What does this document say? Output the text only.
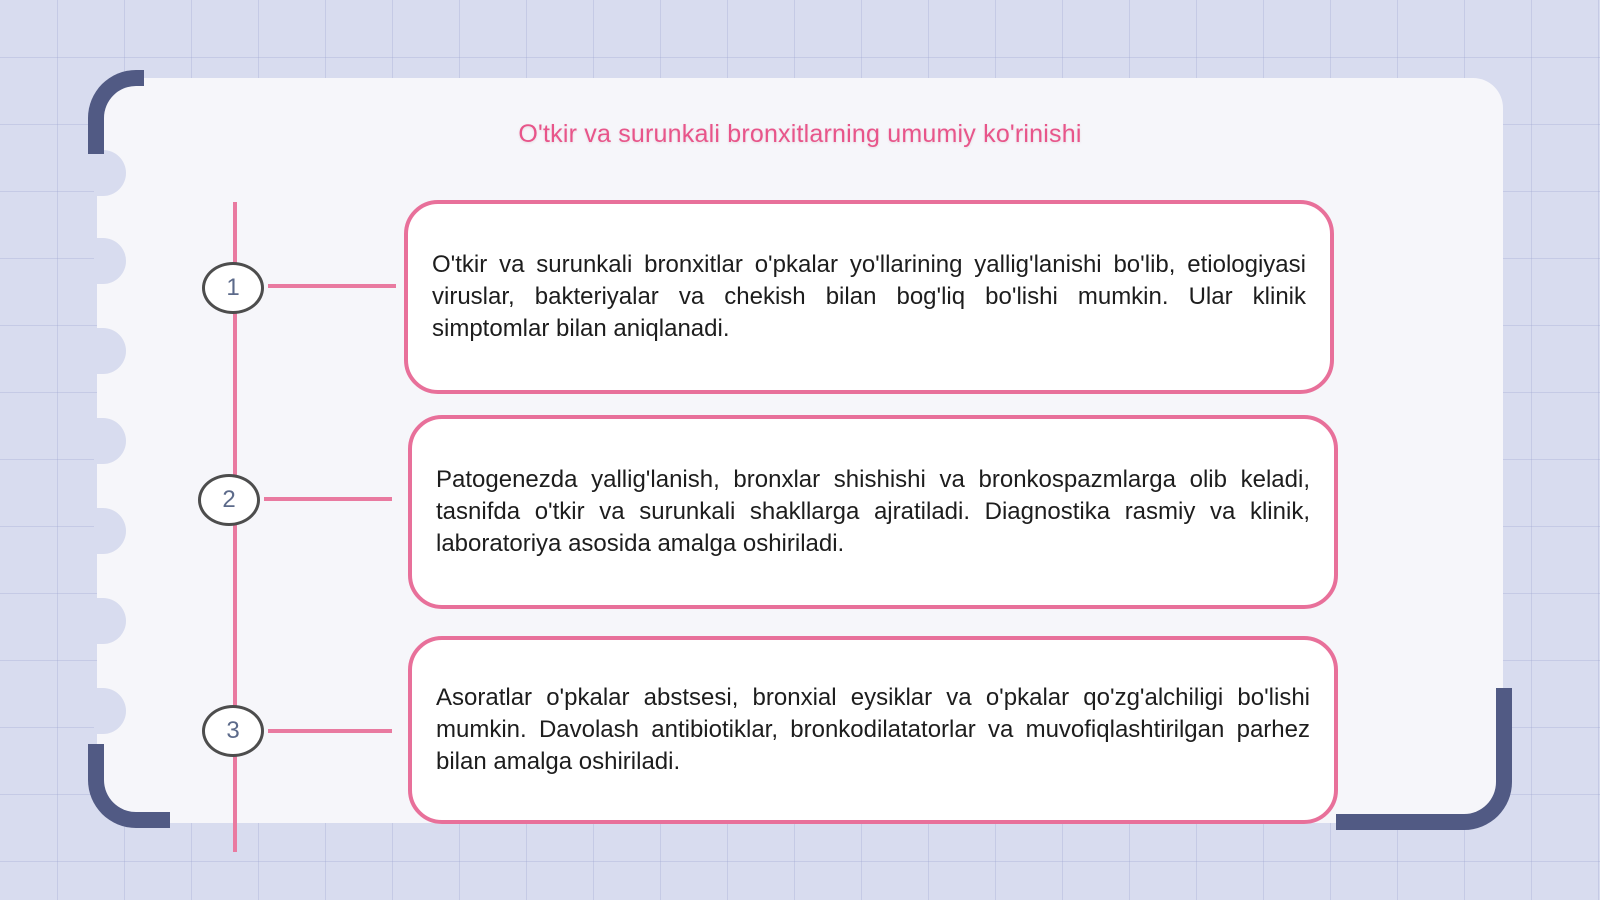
O'tkir va surunkali bronxitlarning umumiy ko'rinishi
1

O'tkir va surunkali bronxitlar o'pkalar yo'llarining yallig'lanishi bo'lib, etiologiyasi viruslar, bakteriyalar va chekish bilan bog'liq bo'lishi mumkin. Ular klinik simptomlar bilan aniqlanadi.

2

Patogenezda yallig'lanish, bronxlar shishishi va bronkospazmlarga olib keladi, tasnifda o'tkir va surunkali shakllarga ajratiladi. Diagnostika rasmiy va klinik, laboratoriya asosida amalga oshiriladi.

3

Asoratlar o'pkalar abstsesi, bronxial eysiklar va o'pkalar qo'zg'alchiligi bo'lishi mumkin. Davolash antibiotiklar, bronkodilatatorlar va muvofiqlashtirilgan parhez bilan amalga oshiriladi.
